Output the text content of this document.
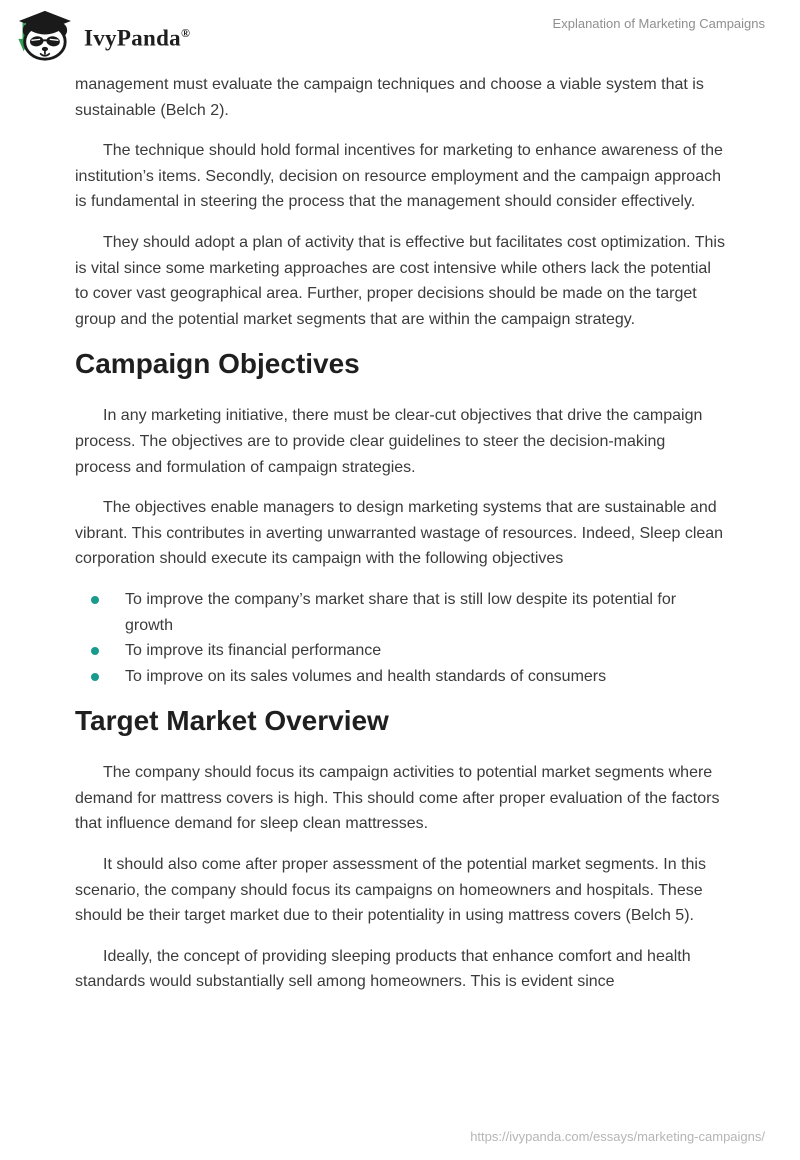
IvyPanda®
Explanation of Marketing Campaigns

management must evaluate the campaign techniques and choose a viable system that is sustainable (Belch 2).

The technique should hold formal incentives for marketing to enhance awareness of the institution’s items. Secondly, decision on resource employment and the campaign approach is fundamental in steering the process that the management should consider effectively.

They should adopt a plan of activity that is effective but facilitates cost optimization. This is vital since some marketing approaches are cost intensive while others lack the potential to cover vast geographical area. Further, proper decisions should be made on the target group and the potential market segments that are within the campaign strategy.

Campaign Objectives

In any marketing initiative, there must be clear-cut objectives that drive the campaign process. The objectives are to provide clear guidelines to steer the decision-making process and formulation of campaign strategies.

The objectives enable managers to design marketing systems that are sustainable and vibrant. This contributes in averting unwarranted wastage of resources. Indeed, Sleep clean corporation should execute its campaign with the following objectives

To improve the company’s market share that is still low despite its potential for growth
To improve its financial performance
To improve on its sales volumes and health standards of consumers
Target Market Overview

The company should focus its campaign activities to potential market segments where demand for mattress covers is high. This should come after proper evaluation of the factors that influence demand for sleep clean mattresses.

It should also come after proper assessment of the potential market segments. In this scenario, the company should focus its campaigns on homeowners and hospitals. These should be their target market due to their potentiality in using mattress covers (Belch 5).

Ideally, the concept of providing sleeping products that enhance comfort and health standards would substantially sell among homeowners. This is evident since

https://ivypanda.com/essays/marketing-campaigns/
